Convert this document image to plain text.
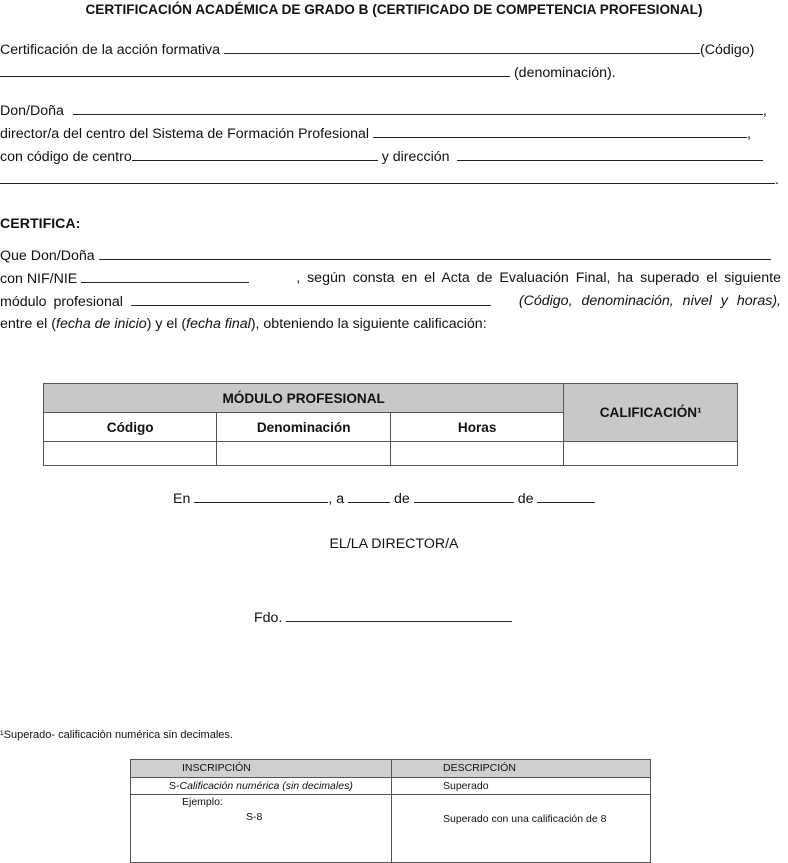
CERTIFICACIÓN ACADÉMICA DE GRADO B (CERTIFICADO DE COMPETENCIA PROFESIONAL)
Certificación de la acción formativa	(Código)
(denominación).
Don/Doña	,
director/a del centro del Sistema de Formación Profesional	,
con código de centro	y dirección
.
CERTIFICA:
Que Don/Doña
con NIF/NIE	, según consta en el Acta de Evaluación Final, ha superado el siguiente
módulo profesional	(Código, denominación, nivel y horas),
entre el (fecha de inicio) y el (fecha final), obteniendo la siguiente calificación:
MÓDULO PROFESIONAL			CALIFICACIÓN¹
Código	Denominación	Horas	

En	, a	de	de
EL/LA DIRECTOR/A
Fdo.
¹Superado- calificación numérica sin decimales.
INSCRIPCIÓN	DESCRIPCIÓN
S-Calificación numérica (sin decimales)	Superado

Ejemplo:
S-8	Superado con una calificación de 8
